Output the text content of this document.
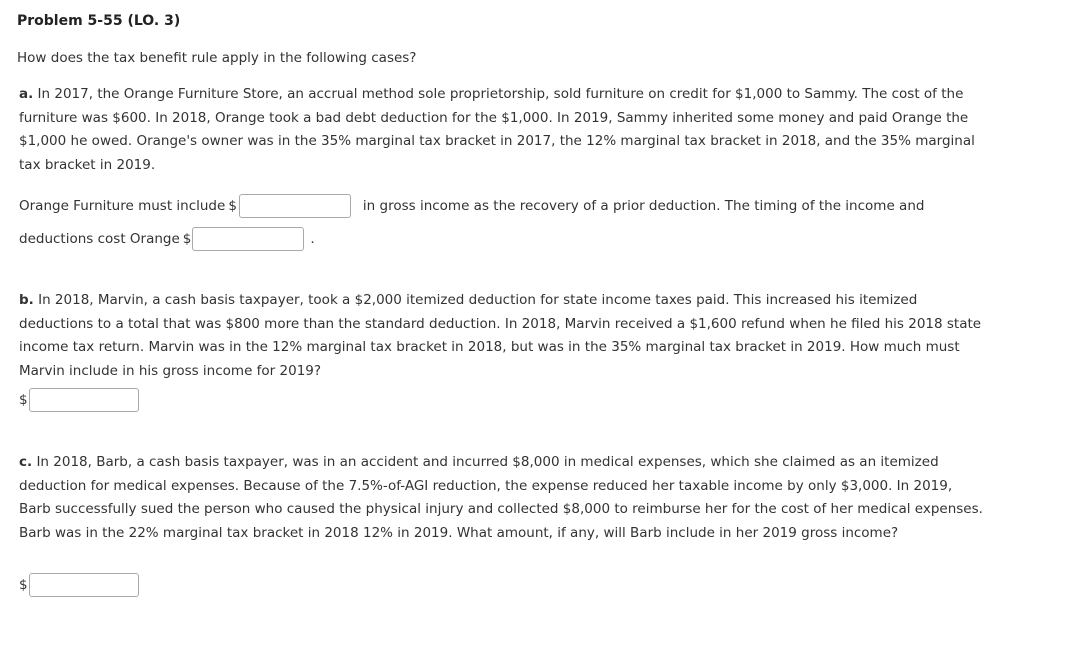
Problem 5-55 (LO. 3)
How does the tax benefit rule apply in the following cases?
a. In 2017, the Orange Furniture Store, an accrual method sole proprietorship, sold furniture on credit for $1,000 to Sammy. The cost of the furniture was $600. In 2018, Orange took a bad debt deduction for the $1,000. In 2019, Sammy inherited some money and paid Orange the $1,000 he owed. Orange's owner was in the 35% marginal tax bracket in 2017, the 12% marginal tax bracket in 2018, and the 35% marginal tax bracket in 2019.
Orange Furniture must include $	in gross income as the recovery of a prior deduction. The timing of the income and
deductions cost Orange $	.
b. In 2018, Marvin, a cash basis taxpayer, took a $2,000 itemized deduction for state income taxes paid. This increased his itemized deductions to a total that was $800 more than the standard deduction. In 2018, Marvin received a $1,600 refund when he filed his 2018 state income tax return. Marvin was in the 12% marginal tax bracket in 2018, but was in the 35% marginal tax bracket in 2019. How much must Marvin include in his gross income for 2019?
$
c. In 2018, Barb, a cash basis taxpayer, was in an accident and incurred $8,000 in medical expenses, which she claimed as an itemized deduction for medical expenses. Because of the 7.5%-of-AGI reduction, the expense reduced her taxable income by only $3,000. In 2019, Barb successfully sued the person who caused the physical injury and collected $8,000 to reimburse her for the cost of her medical expenses. Barb was in the 22% marginal tax bracket in 2018 12% in 2019. What amount, if any, will Barb include in her 2019 gross income?
$
